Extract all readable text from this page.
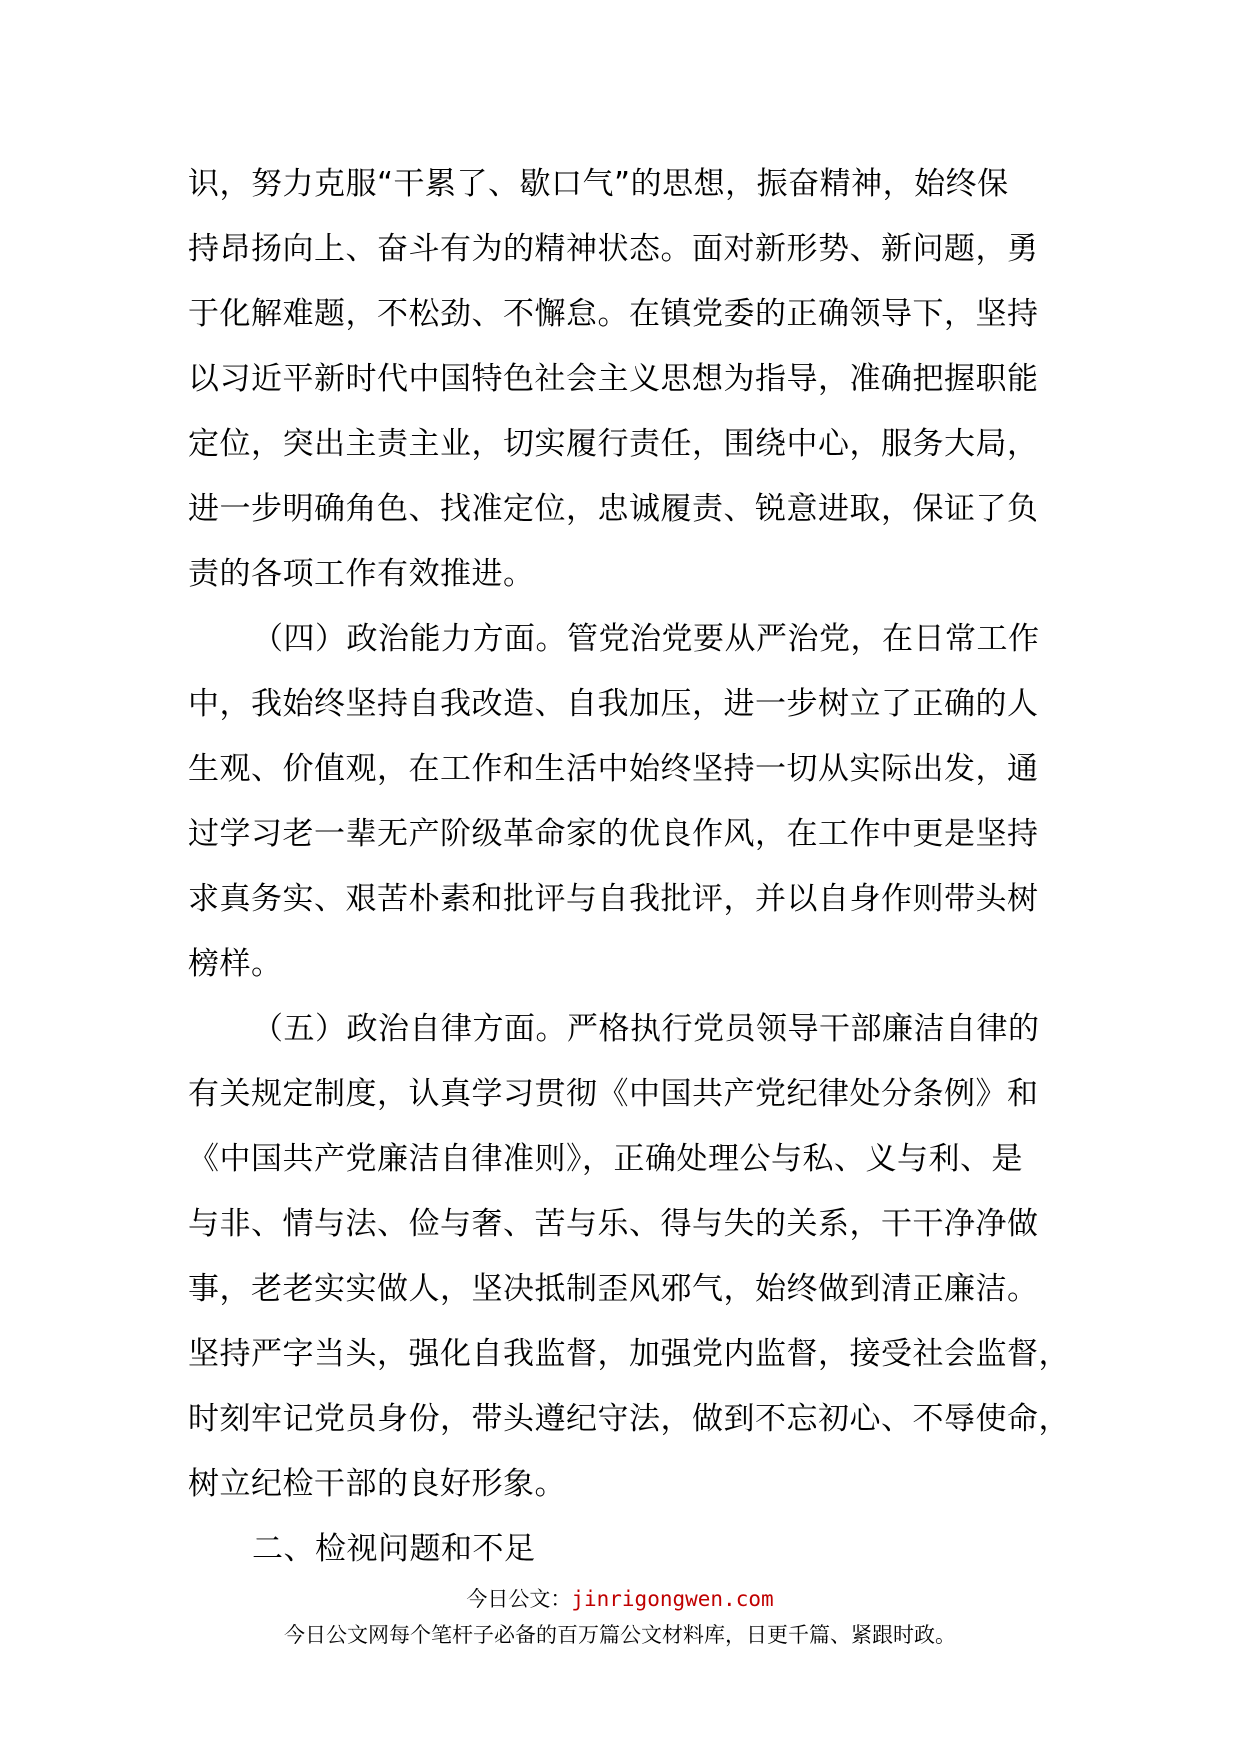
识，努力克服“干累了、歇口气”的思想，振奋精神，始终保
持昂扬向上、奋斗有为的精神状态。面对新形势、新问题，勇
于化解难题，不松劲、不懈怠。在镇党委的正确领导下，坚持
以习近平新时代中国特色社会主义思想为指导，准确把握职能
定位，突出主责主业，切实履行责任，围绕中心，服务大局，
进一步明确角色、找准定位，忠诚履责、锐意进取，保证了负
责的各项工作有效推进。
（四）政治能力方面。管党治党要从严治党，在日常工作
中，我始终坚持自我改造、自我加压，进一步树立了正确的人
生观、价值观，在工作和生活中始终坚持一切从实际出发，通
过学习老一辈无产阶级革命家的优良作风，在工作中更是坚持
求真务实、艰苦朴素和批评与自我批评，并以自身作则带头树
榜样。
（五）政治自律方面。严格执行党员领导干部廉洁自律的
有关规定制度，认真学习贯彻《中国共产党纪律处分条例》和
《中国共产党廉洁自律准则》，正确处理公与私、义与利、是
与非、情与法、俭与奢、苦与乐、得与失的关系，干干净净做
事，老老实实做人，坚决抵制歪风邪气，始终做到清正廉洁。
坚持严字当头，强化自我监督，加强党内监督，接受社会监督，
时刻牢记党员身份，带头遵纪守法，做到不忘初心、不辱使命，
树立纪检干部的良好形象。
二、检视问题和不足
今日公文：jinrigongwen.com
今日公文网每个笔杆子必备的百万篇公文材料库，日更千篇、紧跟时政。
